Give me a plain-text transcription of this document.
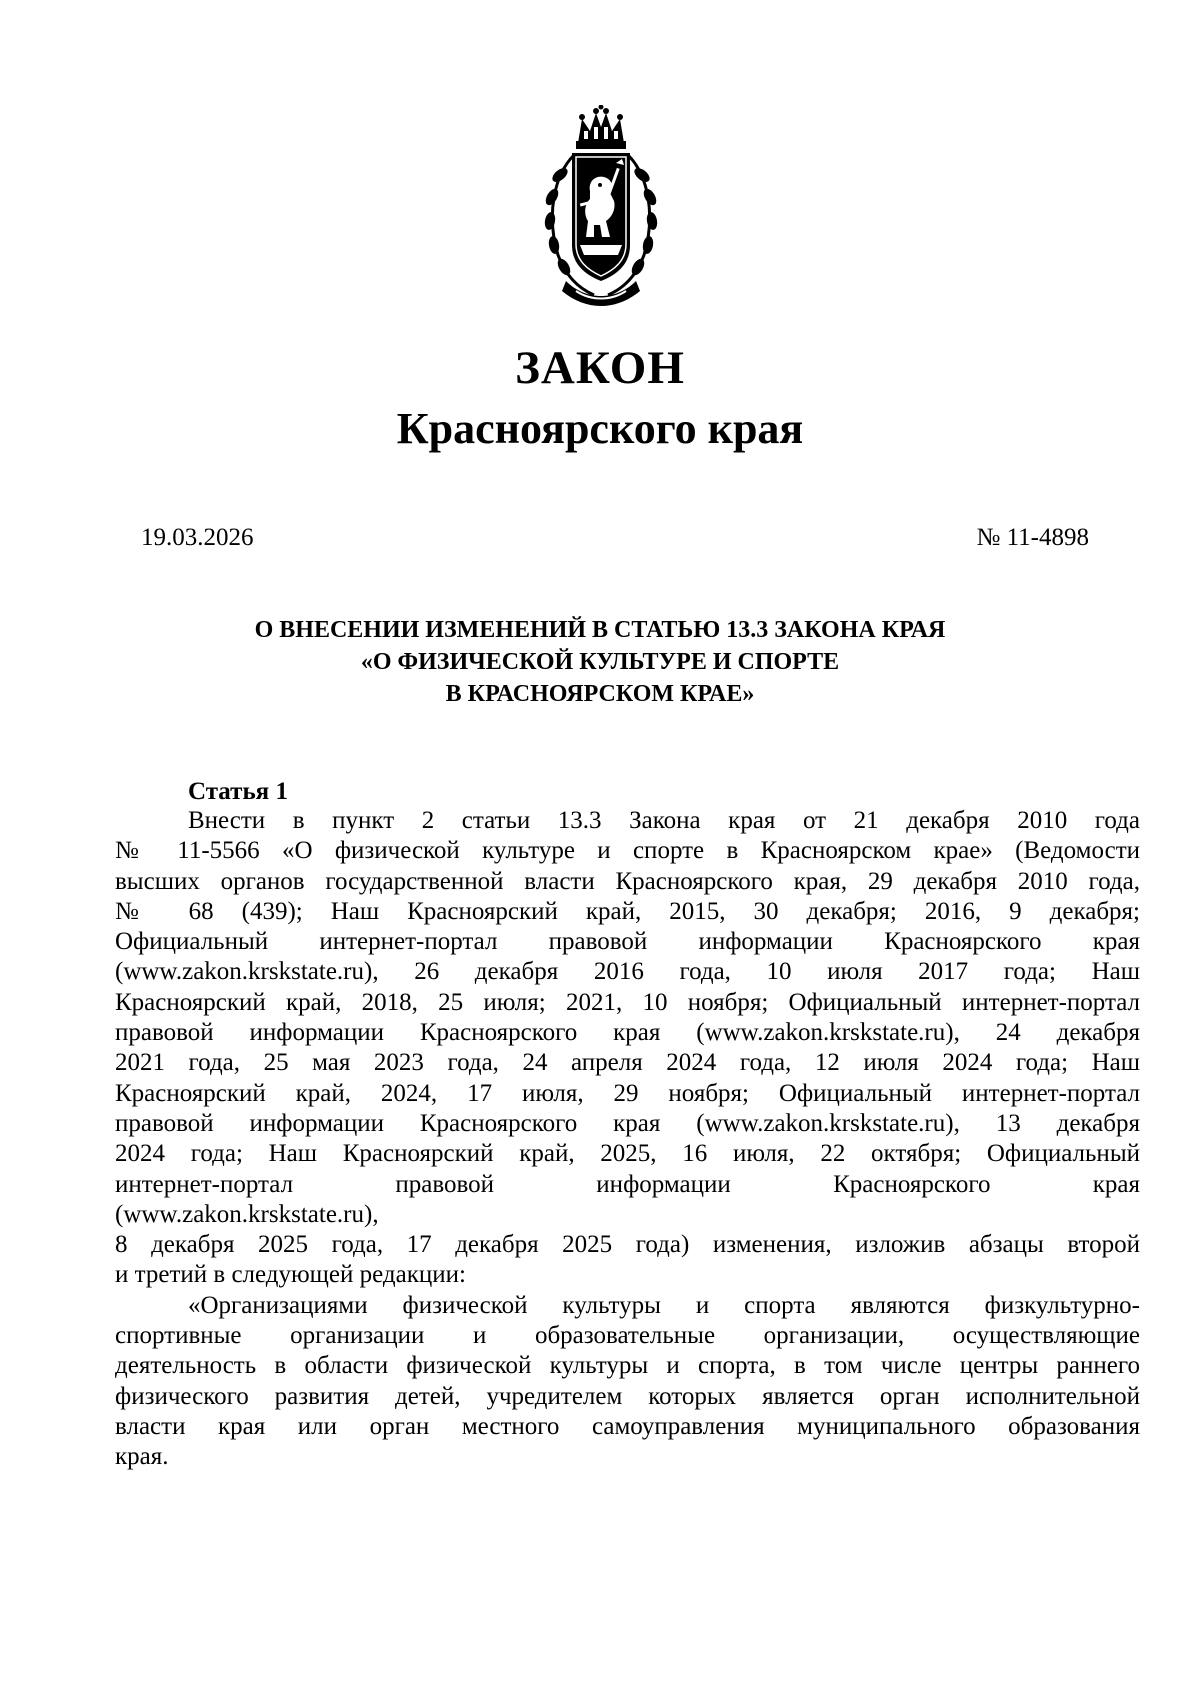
ЗАКОН
Красноярского края
19.03.2026	№ 11-4898
О ВНЕСЕНИИ ИЗМЕНЕНИЙ В СТАТЬЮ 13.3 ЗАКОНА КРАЯ
«О ФИЗИЧЕСКОЙ КУЛЬТУРЕ И СПОРТЕ
В КРАСНОЯРСКОМ КРАЕ»
Статья 1
Внести в пункт 2 статьи 13.3 Закона края от 21 декабря 2010 года
№ 11-5566 «О физической культуре и спорте в Красноярском крае» (Ведомости
высших органов государственной власти Красноярского края, 29 декабря 2010 года,
№ 68 (439); Наш Красноярский край, 2015, 30 декабря; 2016, 9 декабря;
Официальный интернет-портал правовой информации Красноярского края
(www.zakon.krskstate.ru), 26 декабря 2016 года, 10 июля 2017 года; Наш
Красноярский край, 2018, 25 июля; 2021, 10 ноября; Официальный интернет-портал
правовой информации Красноярского края (www.zakon.krskstate.ru), 24 декабря
2021 года, 25 мая 2023 года, 24 апреля 2024 года, 12 июля 2024 года; Наш
Красноярский край, 2024, 17 июля, 29 ноября; Официальный интернет-портал
правовой информации Красноярского края (www.zakon.krskstate.ru), 13 декабря
2024 года; Наш Красноярский край, 2025, 16 июля, 22 октября; Официальный
интернет-портал правовой информации Красноярского края
(www.zakon.krskstate.ru),
8 декабря 2025 года, 17 декабря 2025 года) изменения, изложив абзацы второй
и третий в следующей редакции:
«Организациями физической культуры и спорта являются физкультурно-
спортивные организации и образовательные организации, осуществляющие
деятельность в области физической культуры и спорта, в том числе центры раннего
физического развития детей, учредителем которых является орган исполнительной
власти края или орган местного самоуправления муниципального образования
края.
